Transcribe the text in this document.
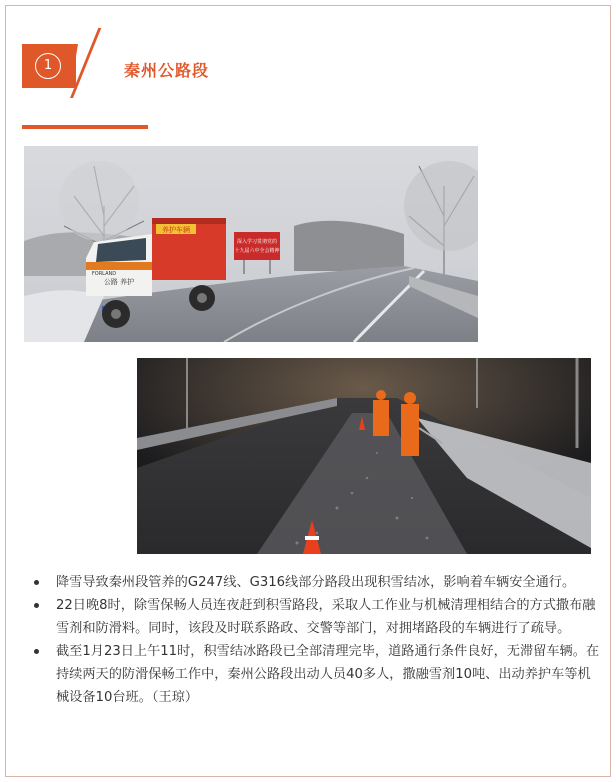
1	秦州公路段
深入学习贯彻党的
十九届六中全会精神
养护车辆
公路 养护
FORLAND
降雪导致秦州段管养的G247线、G316线部分路段出现积雪结冰，影响着车辆安全通行。
22日晚8时，除雪保畅人员连夜赶到积雪路段，采取人工作业与机械清理相结合的方式撒布融雪剂和防滑料。同时，该段及时联系路政、交警等部门，对拥堵路段的车辆进行了疏导。
截至1月23日上午11时，积雪结冰路段已全部清理完毕，道路通行条件良好，无滞留车辆。在持续两天的防滑保畅工作中，秦州公路段出动人员40多人，撒融雪剂10吨、出动养护车等机械设备10台班。（王琼）
